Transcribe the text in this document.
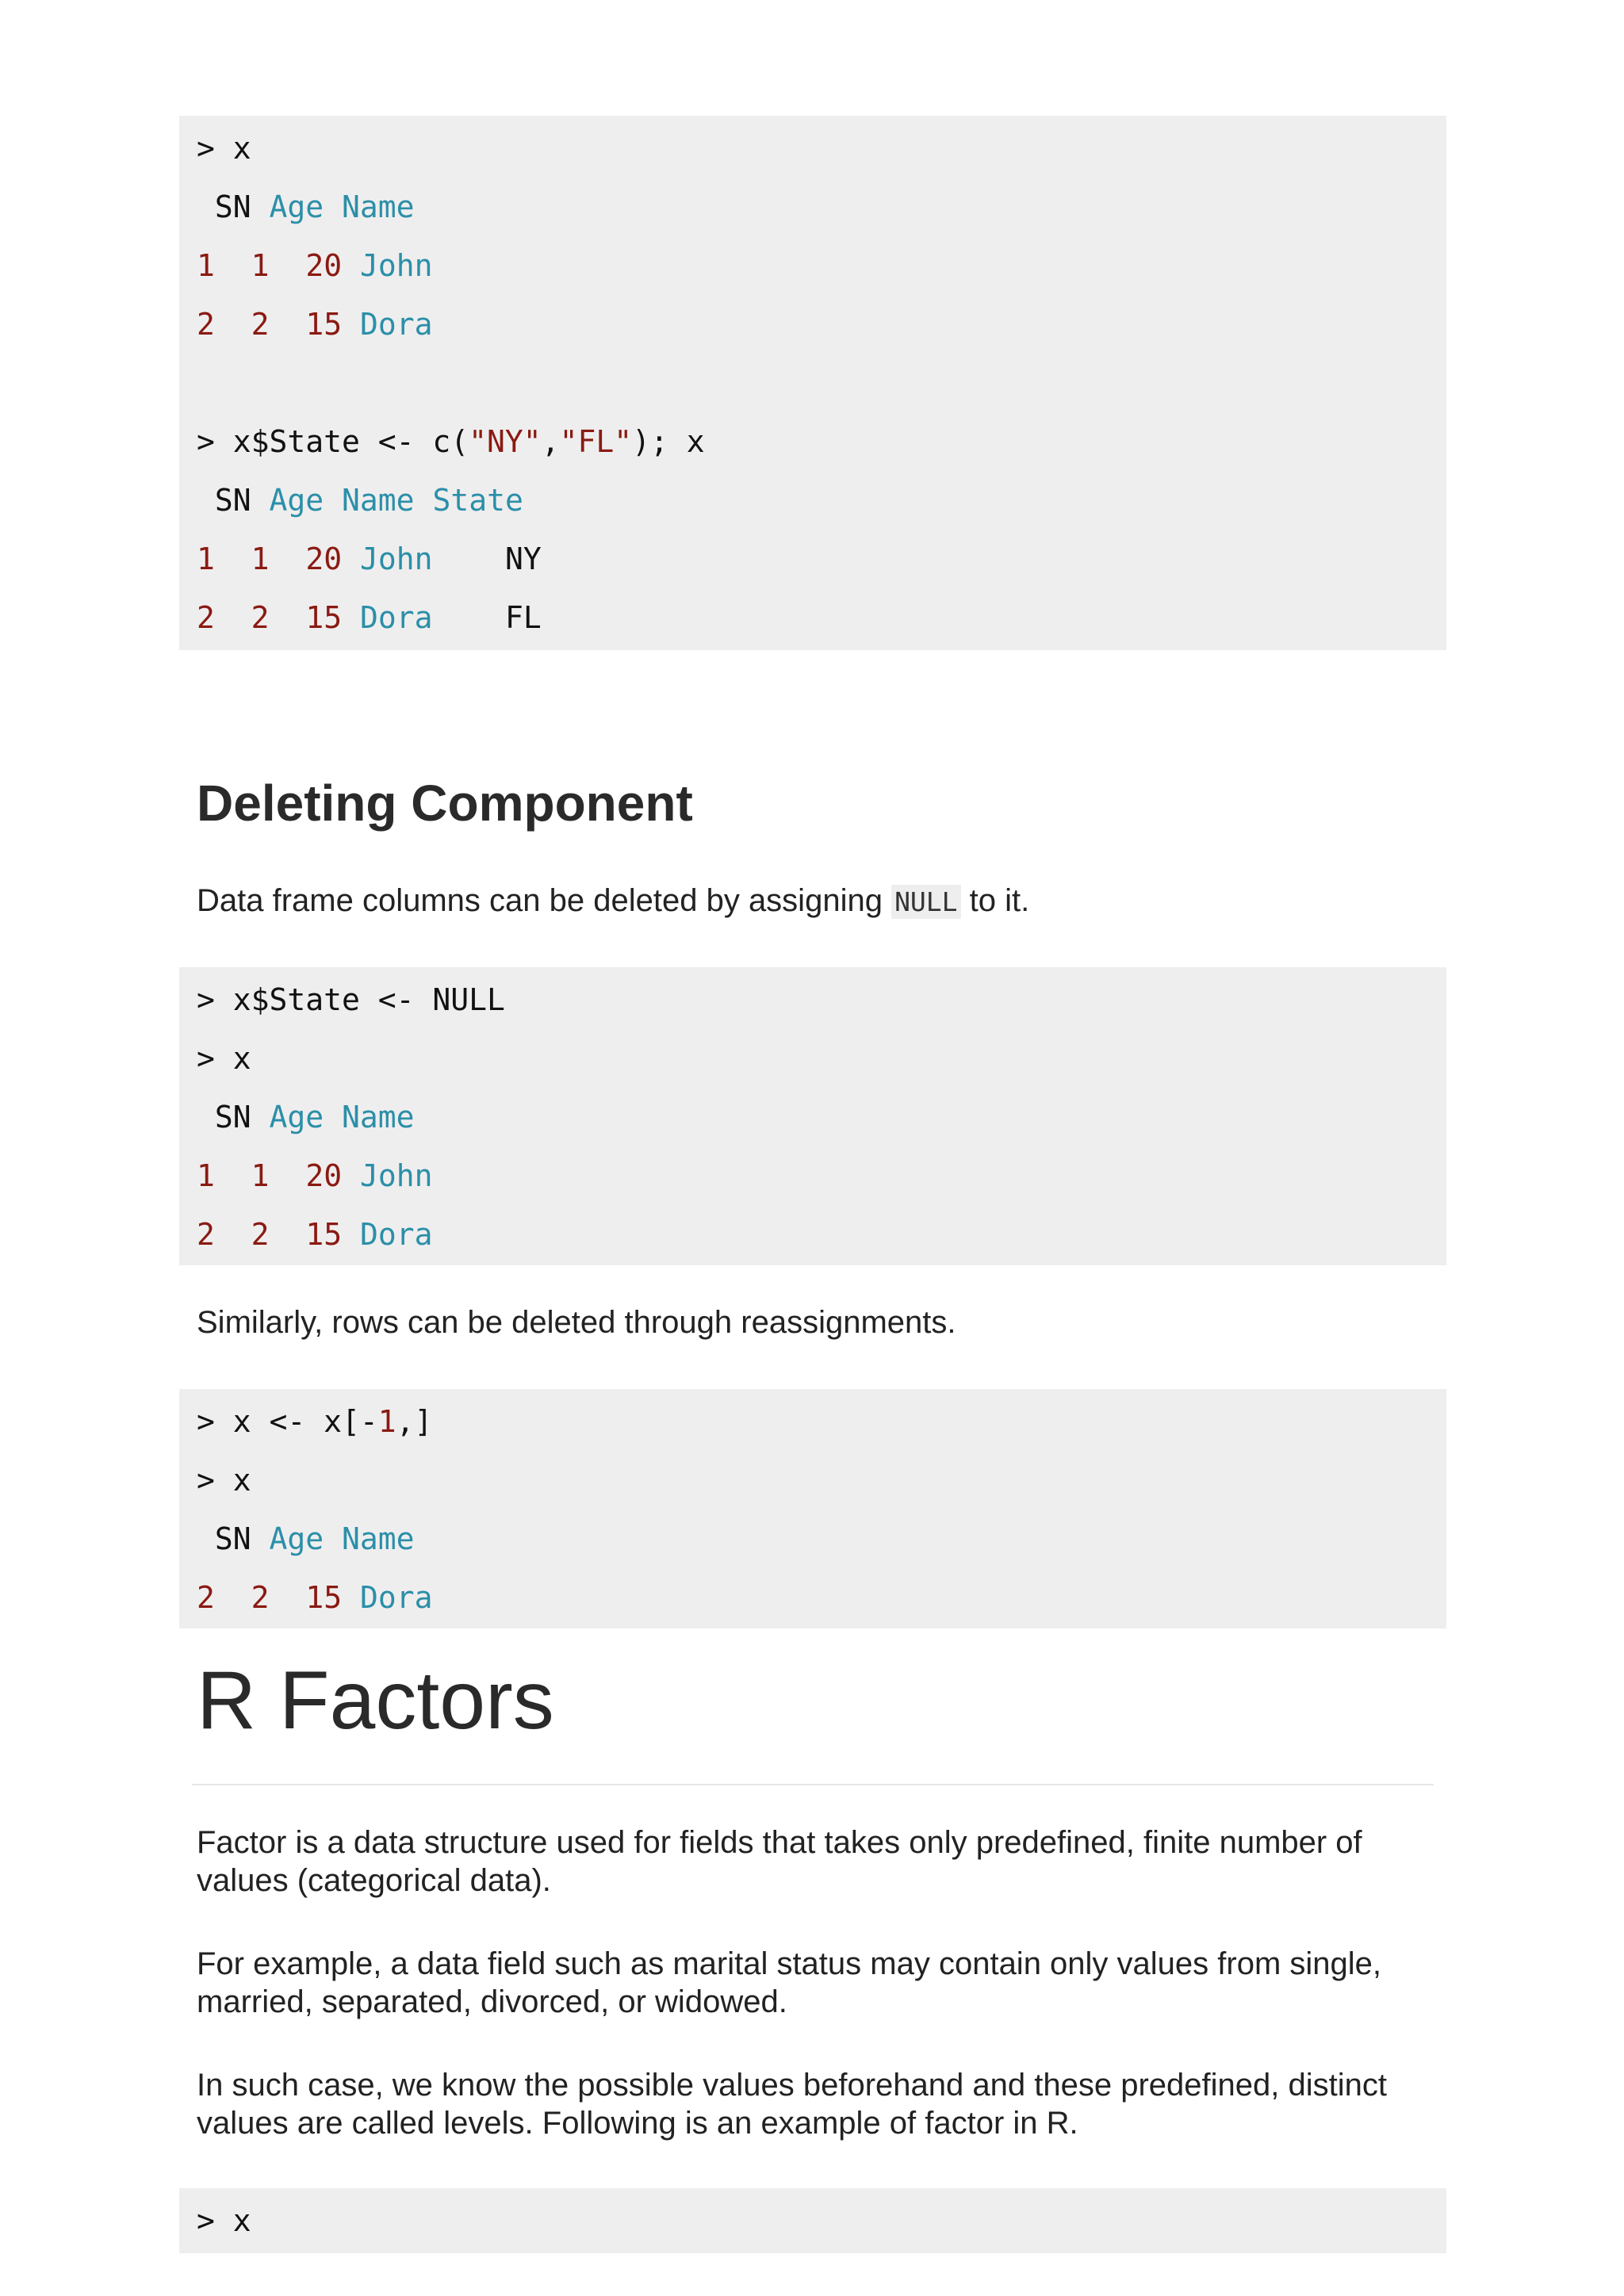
> x
SN Age Name
1 1 20 John
2 2 15 Dora
> x$State <- c("NY","FL"); x
SN Age Name State
1 1 20 John NY
2 2 15 Dora FL
Deleting Component
Data frame columns can be deleted by assigning NULL to it.
> x$State <- NULL
> x
SN Age Name
1 1 20 John
2 2 15 Dora
Similarly, rows can be deleted through reassignments.
> x <- x[-1,]
> x
SN Age Name
2 2 15 Dora
R Factors
Factor is a data structure used for fields that takes only predefined, finite number of values (categorical data).
For example, a data field such as marital status may contain only values from single, married, separated, divorced, or widowed.
In such case, we know the possible values beforehand and these predefined, distinct values are called levels. Following is an example of factor in R.
> x
